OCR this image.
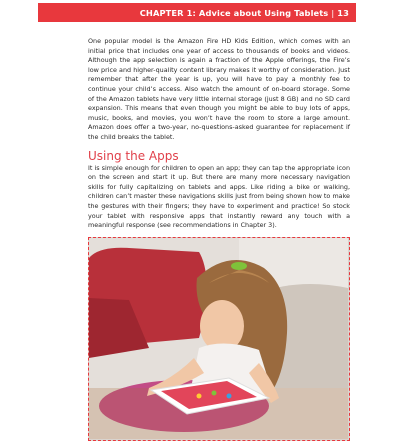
CHAPTER 1: Advice about Using Tablets | 13

One popular model is the Amazon Fire HD Kids Edition, which comes with an initial price that includes one year of access to thousands of books and videos. Although the app selection is again a fraction of the Apple offerings, the Fire’s low price and higher-quality content library makes it worthy of consideration. Just remember that after the year is up, you will have to pay a monthly fee to continue your child’s access. Also watch the amount of on-board storage. Some of the Amazon tablets have very little internal storage (just 8 GB) and no SD card expansion. This means that even though you might be able to buy lots of apps, music, books, and movies, you won’t have the room to store a large amount. Amazon does offer a two-year, no-questions-asked guarantee for replacement if the child breaks the tablet.

Using the Apps

It is simple enough for children to open an app; they can tap the appropriate icon on the screen and start it up. But there are many more necessary navigation skills for fully capitalizing on tablets and apps. Like riding a bike or walking, children can’t master these navigations skills just from being shown how to make the gestures with their fingers; they have to experiment and practice! So stock your tablet with responsive apps that instantly reward any touch with a meaningful response (see recommendations in Chapter 3).
